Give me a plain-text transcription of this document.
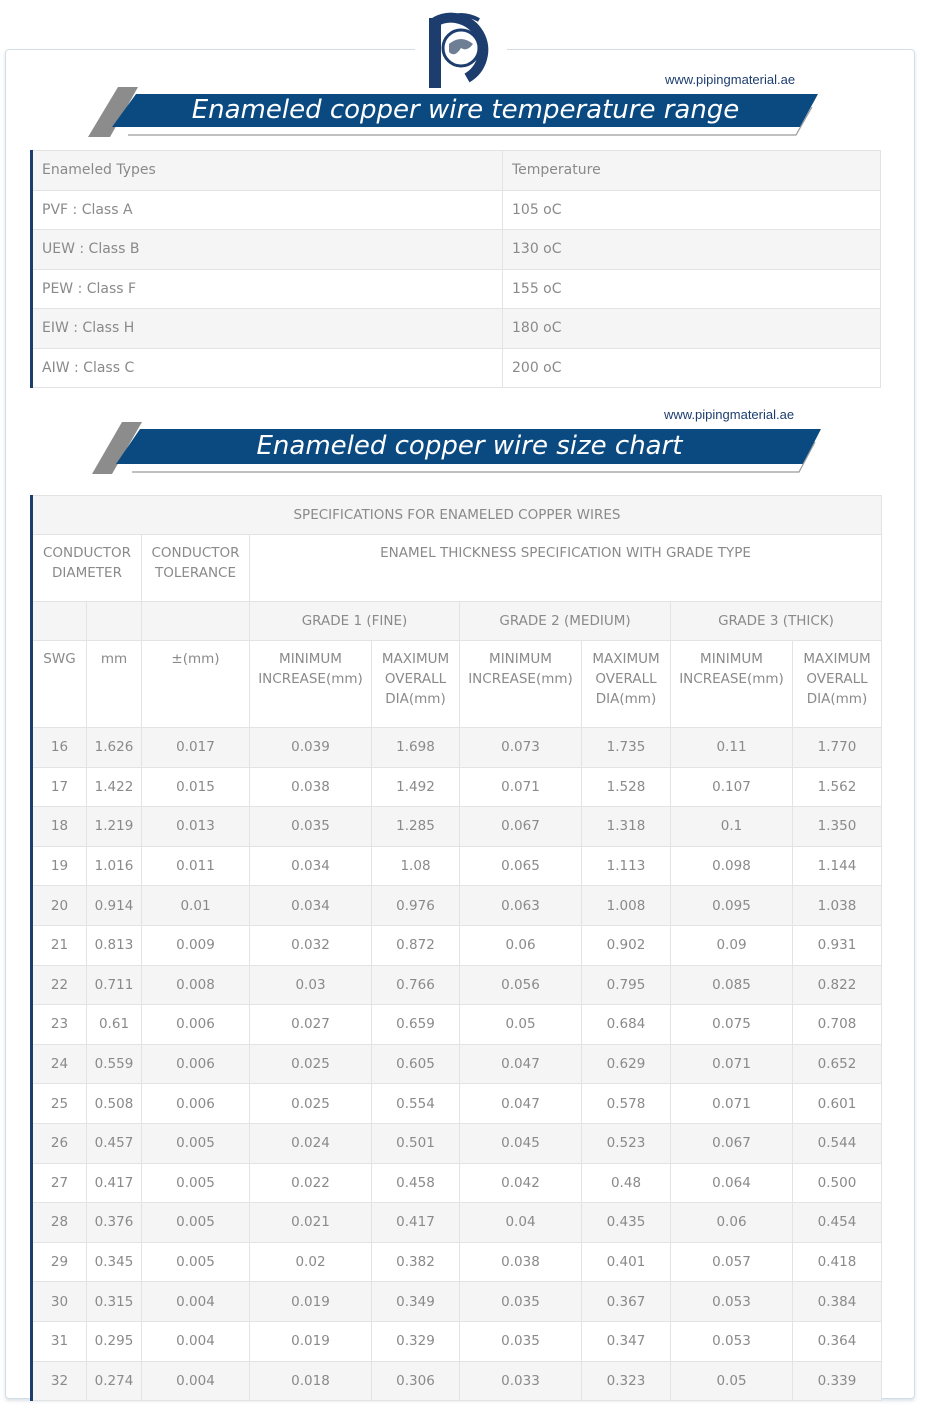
www.pipingmaterial.ae
Enameled copper wire temperature range
Enameled Types	Temperature
PVF : Class A	105 oC
UEW : Class B	130 oC
PEW : Class F	155 oC
EIW : Class H	180 oC
AIW : Class C	200 oC
www.pipingmaterial.ae
Enameled copper wire size chart
SPECIFICATIONS FOR ENAMELED COPPER WIRES								
CONDUCTOR DIAMETER		CONDUCTOR TOLERANCE	ENAMEL THICKNESS SPECIFICATION WITH GRADE TYPE					
			GRADE 1 (FINE)		GRADE 2 (MEDIUM)		GRADE 3 (THICK)	
SWG	mm	±(mm)	MINIMUM INCREASE(mm)	MAXIMUM OVERALL DIA(mm)	MINIMUM INCREASE(mm)	MAXIMUM OVERALL DIA(mm)	MINIMUM INCREASE(mm)	MAXIMUM OVERALL DIA(mm)
16	1.626	0.017	0.039	1.698	0.073	1.735	0.11	1.770
17	1.422	0.015	0.038	1.492	0.071	1.528	0.107	1.562
18	1.219	0.013	0.035	1.285	0.067	1.318	0.1	1.350
19	1.016	0.011	0.034	1.08	0.065	1.113	0.098	1.144
20	0.914	0.01	0.034	0.976	0.063	1.008	0.095	1.038
21	0.813	0.009	0.032	0.872	0.06	0.902	0.09	0.931
22	0.711	0.008	0.03	0.766	0.056	0.795	0.085	0.822
23	0.61	0.006	0.027	0.659	0.05	0.684	0.075	0.708
24	0.559	0.006	0.025	0.605	0.047	0.629	0.071	0.652
25	0.508	0.006	0.025	0.554	0.047	0.578	0.071	0.601
26	0.457	0.005	0.024	0.501	0.045	0.523	0.067	0.544
27	0.417	0.005	0.022	0.458	0.042	0.48	0.064	0.500
28	0.376	0.005	0.021	0.417	0.04	0.435	0.06	0.454
29	0.345	0.005	0.02	0.382	0.038	0.401	0.057	0.418
30	0.315	0.004	0.019	0.349	0.035	0.367	0.053	0.384
31	0.295	0.004	0.019	0.329	0.035	0.347	0.053	0.364
32	0.274	0.004	0.018	0.306	0.033	0.323	0.05	0.339
